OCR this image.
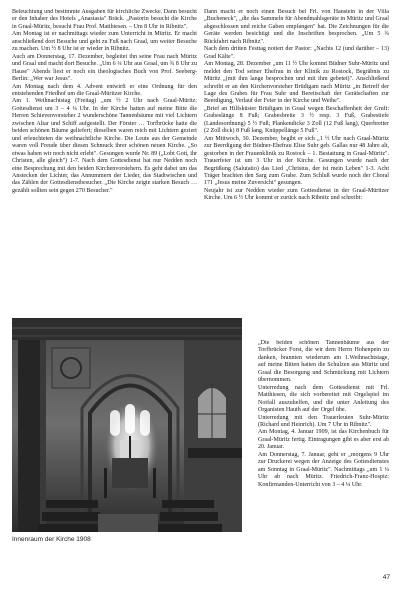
Beleuchtung und bestimmte Ausgaben für kirchliche Zwecke. Dann besucht er den Inhaber des Hotels „Anastasia" Bräck. „Pastorin besucht die Kirche in Graal-Müritz, besucht Frau Prof. Matthiesen. – Um 8 Uhr in Ribnitz".

Am Montag ist er nachmittags wieder zum Unterricht in Müritz. Er macht anschließend dort Besuche und geht zu Fuß nach Graal, um weiter Besuche zu machen. Um ½ 8 Uhr ist er wieder in Ribnitz.

Auch am Donnerstag, 17. Dezember, begleitet ihn seine Frau nach Müritz und Graal und macht dort Besuche. „Um 6 ¼ Uhr aus Graal, um ¾ 8 Uhr zu Hause" Abends liest er noch ein theologisches Buch von Prof. Seeberg-Berlin: „Wer war Jesus".

Am Montag nach dem 4. Advent entwirft er eine Ordnung für den entstehenden Friedhof um die Graal-Müritzer Kirche.

Am 1. Weihnachtstag (Freitag) „um ½ 2 Uhr nach Graal-Müritz: Gottesdienst um 3 – 4 ¼ Uhr. In der Kirche hatten auf meine Bitte die Herren Schievenvorsteher 2 wunderschöne Tannenbäume mit viel Lichtern zwischen Altar und Schiff aufgestellt. Der Förster … Torfbrücke hatte die beiden schönen Bäume geliefert; dieselben waren reich mit Lichtern geziert und erleuchteten die weihnachtliche Kirche. Die Leute aus der Gemeinde waren voll Freude über diesen Schmuck ihrer schönen neuen Kirche. „So etwas haben wir noch nicht erlebt". Gesungen wurde Nr. 89 („Lobt Gott, ihr Christen, alle gleich") 1-7. Nach dem Gottesdienst hat nur Nedden noch eine Besprechung mit den beiden Kirchenvorstehern. Es geht dabei um das Anstecken der Lichter, das Annummern der Lieder, das Stadtwischen und das Zählen der Gottesdienstbesucher. „Die Kirche zeigte starken Besuch … gezählt sollten sein gegen 270 Besucher."

Dann macht er noch einen Besuch bei Frl. von Hanstein in der Villa „Bucheneck", „die das Sammeln für Abendmahlsgeräte in Müritz und Graal abgeschlossen und reiche Gaben empfangen" hat. Die Zeichnungen für die Geräte werden besichtigt und die Inschriften besprochen. „Um 5 ¾ Rückfahrt nach Ribnitz".

Nach dem dritten Festtag notiert der Pastor: „Nachts 12 (und darüber – 13) Grad Kälte".

Am Montag, 28. Dezember „um 11 ½ Uhr kommt Büdner Suhr-Müritz und meldet den Tod seiner Ehefrau in der Klinik zu Rostock, Begräbnis zu Müritz „(mit ihm lange besprochen und mit ihm gebetet)". Anschließend schreibt er an den Kirchenvorsteher Brüdigam nach Müritz „in Betreff der Lage des Grabes für Frau Suhr und Bereitschaft der Gerätschaften zur Beerdigung, Verlauf der Feier in der Kirche und Weihe".

„Brief an Hilfsküster Brüdigam in Graal wegen Beschaffenheit der Gruft: Grabeslänge 8 Fuß; Grabesbreite 3 ½ resp. 3 Fuß, Grabestiefe (Landesordnung) 5 ½ Fuß; Plankendicke 3 Zoll (12 Fuß lang), Querbretter (2 Zoll dick) 8 Fuß lang, Knüppellänge 5 Fuß".

Am Mittwoch, 30. Dezember, begibt er sich „1 ½ Uhr nach Graal-Müritz zur Beerdigung der Büdner-Ehefrau Elise Suhr geb. Gallas nur 48 Jahre alt, gestorben in der Frauenklinik zu Rostock – 1. Bestattung in Graal-Müritz". Trauerfeier ist um 3 Uhr in der Kirche. Gesungen wurde nach der Begrüßung (Salutatio) das Lied „Christus, der ist mein Leben" 1-3. Acht Träger brachten den Sarg zum Grabe. Zum Schluß wurde noch der Choral 171 „Jesus meine Zuversicht" gesungen.

Neujahr ist zur Nedden wieder zum Gottesdienst in der Graal-Müritzer Kirche. Um 6 ½ Uhr kommt er zurück nach Ribnitz und schreibt:

Innenraum der Kirche 1908

„Die beiden schönen Tannenbäume aus der Torfbrücker Forst, die wir dem Herrn Hohenpein zu danken, brannten wiederum am 1.Weihnachtstage, auf meine Bitten hatten die Schulzen aus Müritz und Graal die Besorgung und Schmückung mit Lichtern übernommen.

Unterredung nach dem Gottesdienst mit Frl. Matthiesen, die sich vorbereitet mit Orgelspiel im Notfall auszuhelfen, und die unter Anleitung des Organisten Hauth auf der Orgel übe.

Unterredung mit den Trauerleuten Suhr-Müritz (Richard und Heinrich). Um 7 Uhr in Ribnitz".

Am Montag, 4. Januar 1909, ist das Kirchenbuch für Graal-Müritz fertig. Eintragungen gibt es aber erst ab 20. Januar.

Am Donnerstag, 7. Januar, geht er „morgens 9 Uhr zur Druckerei wegen der Anzeige des Gottesdienstes am Sonntag in Graal-Müritz". Nachmittags „um 1 ¼ Uhr ab nach Müritz. Friedrich-Franz-Hospiz: Konfirmanden-Unterricht von 3 – 4 ¼ Uhr.

47
